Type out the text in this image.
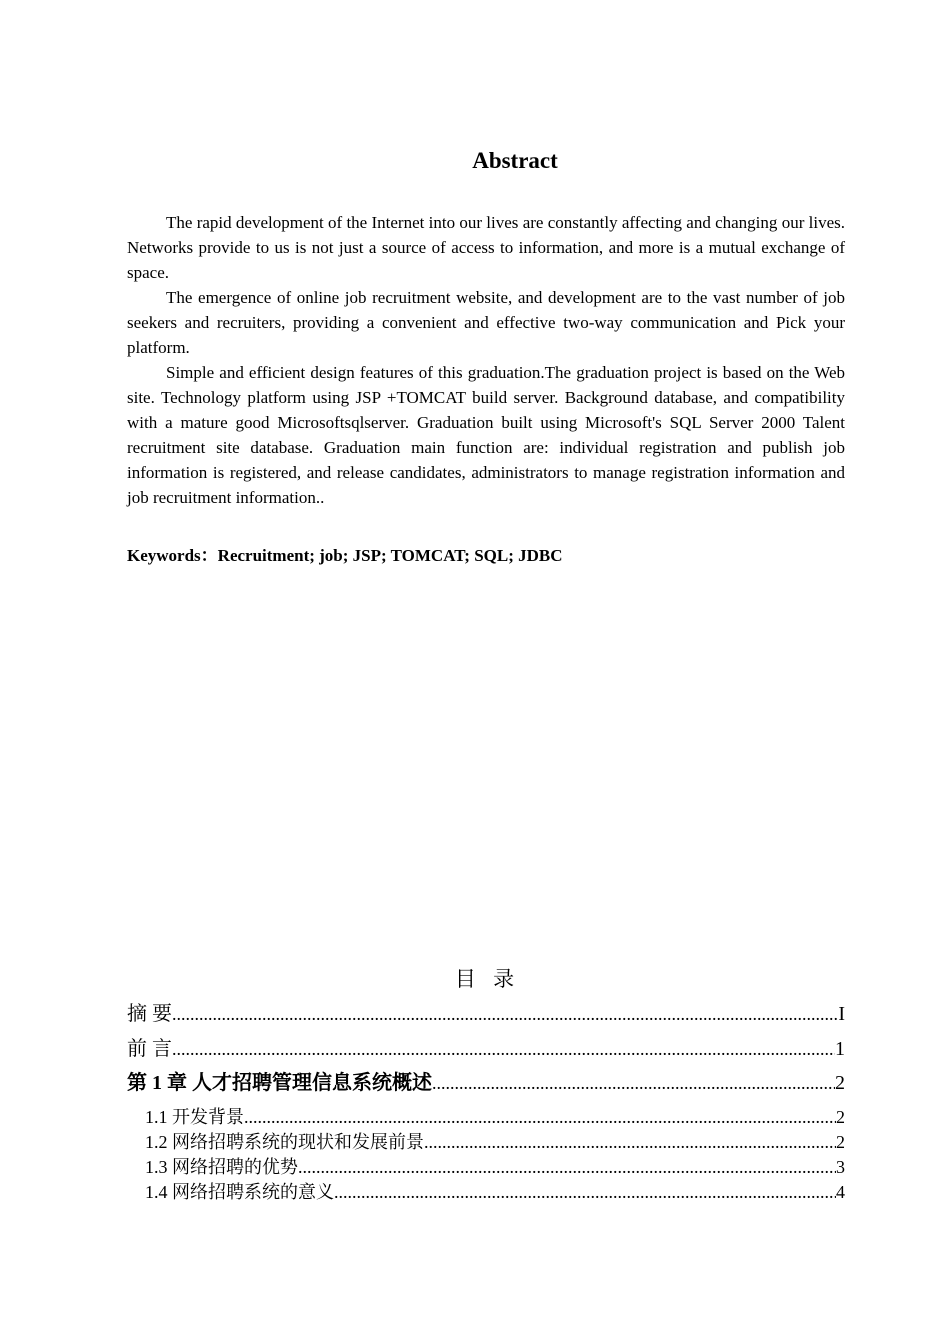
Abstract

The rapid development of the Internet into our lives are constantly affecting and changing our lives. Networks provide to us is not just a source of access to information, and more is a mutual exchange of space.

The emergence of online job recruitment website, and development are to the vast number of job seekers and recruiters, providing a convenient and effective two-way communication and Pick your platform.

Simple and efficient design features of this graduation.The graduation project is based on the Web site. Technology platform using JSP +TOMCAT build server. Background database, and compatibility with a mature good Microsoftsqlserver. Graduation built using Microsoft's SQL Server 2000 Talent recruitment site database. Graduation main function are: individual registration and publish job information is registered, and release candidates, administrators to manage registration information and job recruitment information..

Keywords：Recruitment; job; JSP; TOMCAT; SQL; JDBC
目 录
摘 要 .....	I
前 言 .....	1
第 1 章 人才招聘管理信息系统概述 .....	2
1.1 开发背景 .....	2
1.2 网络招聘系统的现状和发展前景 .....	2
1.3 网络招聘的优势 .....	3
1.4 网络招聘系统的意义 .....	4
